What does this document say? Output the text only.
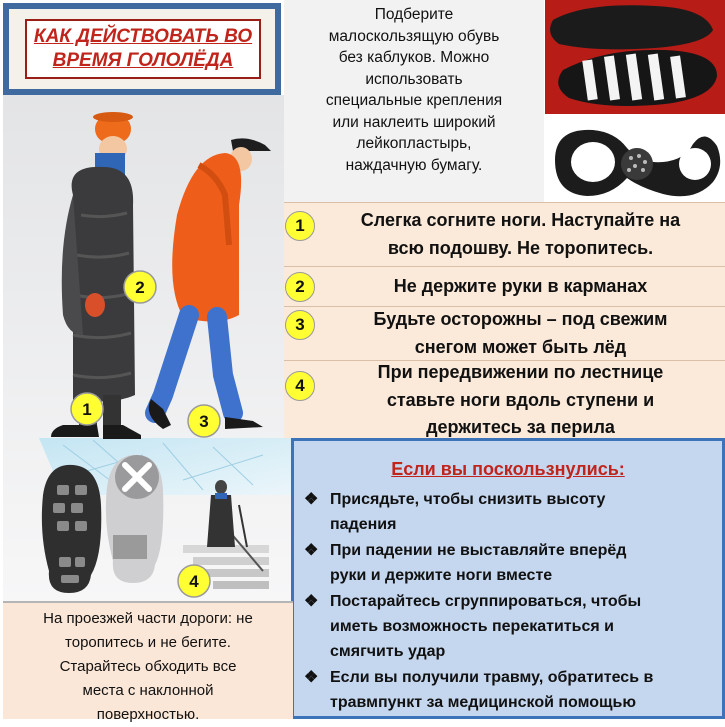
КАК ДЕЙСТВОВАТЬ ВО
ВРЕМЯ ГОЛОЛЁДА
2
1
3
4
Подберите
малоскользящую обувь
без каблуков. Можно
использовать
специальные крепления
или наклеить широкий
лейкопластырь,
наждачную бумагу.
1	Слегка согните ноги. Наступайте на
всю подошву. Не торопитесь.
2	Не держите руки в карманах
3	Будьте осторожны – под свежим
снегом может быть лёд
4
При передвижении по лестнице
ставьте ноги вдоль ступени и
держитесь за перила
Если вы поскользнулись:
❖ Присядьте, чтобы снизить высоту
падения
❖ При падении не выставляйте вперёд
руки и держите ноги вместе
❖ Постарайтесь сгруппироваться, чтобы
иметь возможность перекатиться и
смягчить удар
❖ Если вы получили травму, обратитесь в
травмпункт за медицинской помощью
На проезжей части дороги: не
торопитесь и не бегите.
Старайтесь обходить все
места с наклонной
поверхностью.
